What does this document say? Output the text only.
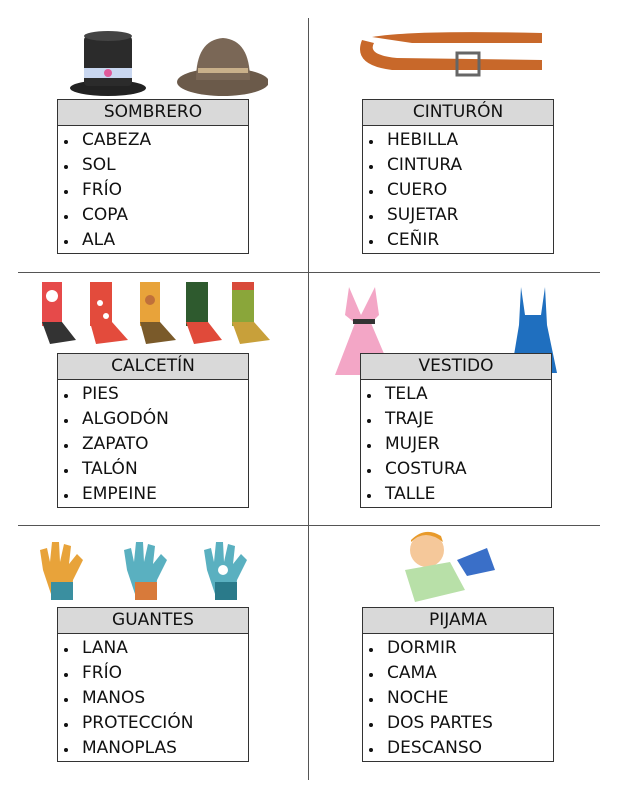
SOMBRERO
CABEZA
SOL
FRÍO
COPA
ALA
CINTURÓN
HEBILLA
CINTURA
CUERO
SUJETAR
CEÑIR
CALCETÍN
PIES
ALGODÓN
ZAPATO
TALÓN
EMPEINE
VESTIDO
TELA
TRAJE
MUJER
COSTURA
TALLE
GUANTES
LANA
FRÍO
MANOS
PROTECCIÓN
MANOPLAS
PIJAMA
DORMIR
CAMA
NOCHE
DOS PARTES
DESCANSO
